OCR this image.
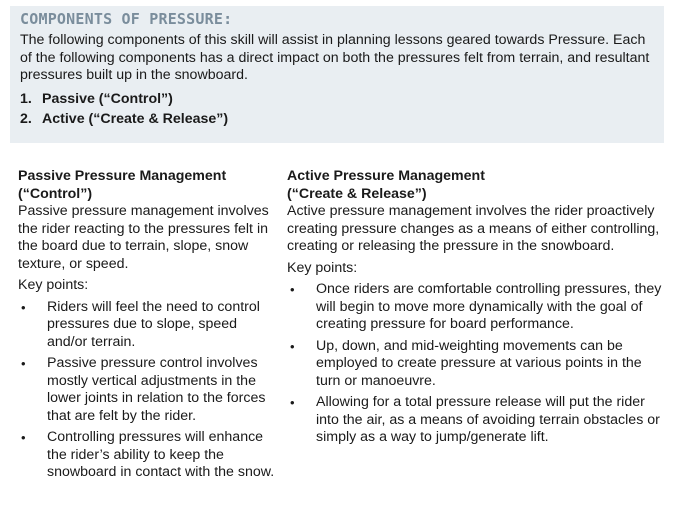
COMPONENTS OF PRESSURE:

The following components of this skill will assist in planning lessons geared towards Pressure. Each of the following components has a direct impact on both the pressures felt from terrain, and resultant pressures built up in the snowboard.

1. Passive (“Control”)
2. Active (“Create & Release”)
Passive Pressure Management
(“Control”)

Passive pressure management involves the rider reacting to the pressures felt in the board due to terrain, slope, snow texture, or speed.

Key points:

• Riders will feel the need to control pressures due to slope, speed and/or terrain.
• Passive pressure control involves mostly vertical adjustments in the lower joints in relation to the forces that are felt by the rider.
• Controlling pressures will enhance the rider’s ability to keep the snowboard in contact with the snow.
Active Pressure Management
(“Create & Release”)

Active pressure management involves the rider proactively creating pressure changes as a means of either controlling, creating or releasing the pressure in the snowboard.

Key points:

• Once riders are comfortable controlling pressures, they will begin to move more dynamically with the goal of creating pressure for board performance.
• Up, down, and mid-weighting movements can be employed to create pressure at various points in the turn or manoeuvre.
• Allowing for a total pressure release will put the rider into the air, as a means of avoiding terrain obstacles or simply as a way to jump/generate lift.
